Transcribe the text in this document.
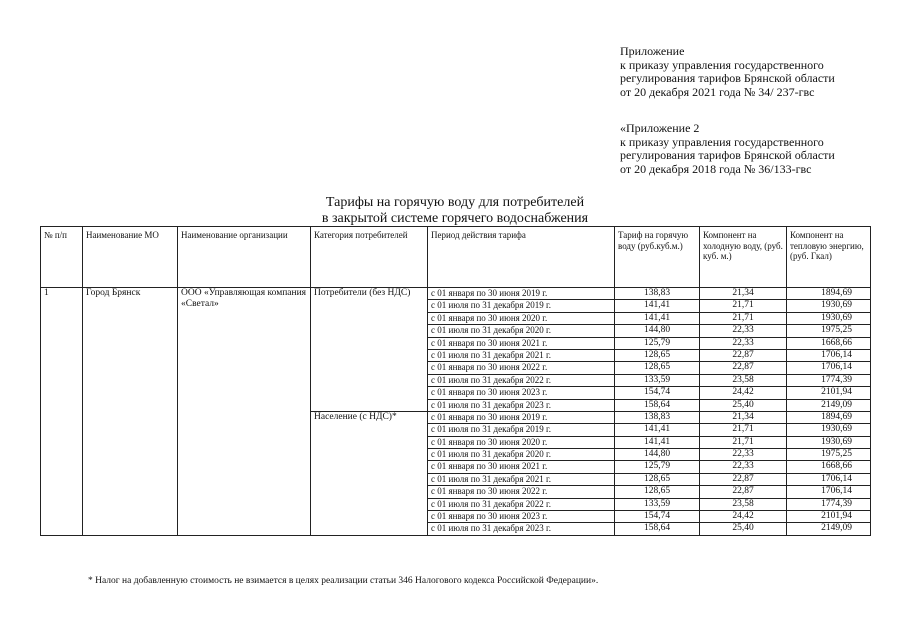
Приложение
к приказу управления государственного
регулирования тарифов Брянской области
от 20 декабря 2021 года № 34/ 237-гвс
«Приложение 2
к приказу управления государственного
регулирования тарифов Брянской области
от 20 декабря 2018 года № 36/133-гвс
Тарифы на горячую воду для потребителей
в закрытой системе горячего водоснабжения
№ п/п	Наименование МО	Наименование организации	Категория потребителей	Период действия тарифа	Тариф на горячую воду (руб.куб.м.)	Компонент на холодную воду, (руб. куб. м.)	Компонент на тепловую энергию, (руб. Гкал)
1	Город Брянск	ООО «Управляющая компания «Светал»	Потребители (без НДС)	с 01 января по 30 июня 2019 г.	138,83	21,34	1894,69
				с 01 июля по 31 декабря 2019 г.	141,41	21,71	1930,69
				с 01 января по 30 июня 2020 г.	141,41	21,71	1930,69
				с 01 июля по 31 декабря 2020 г.	144,80	22,33	1975,25
				с 01 января по 30 июня 2021 г.	125,79	22,33	1668,66
				с 01 июля по 31 декабря 2021 г.	128,65	22,87	1706,14
				с 01 января по 30 июня 2022 г.	128,65	22,87	1706,14
				с 01 июля по 31 декабря 2022 г.	133,59	23,58	1774,39
				с 01 января по 30 июня 2023 г.	154,74	24,42	2101,94
				с 01 июля по 31 декабря 2023 г.	158,64	25,40	2149,09
			Население (с НДС)*	с 01 января по 30 июня 2019 г.	138,83	21,34	1894,69
				с 01 июля по 31 декабря 2019 г.	141,41	21,71	1930,69
				с 01 января по 30 июня 2020 г.	141,41	21,71	1930,69
				с 01 июля по 31 декабря 2020 г.	144,80	22,33	1975,25
				с 01 января по 30 июня 2021 г.	125,79	22,33	1668,66
				с 01 июля по 31 декабря 2021 г.	128,65	22,87	1706,14
				с 01 января по 30 июня 2022 г.	128,65	22,87	1706,14
				с 01 июля по 31 декабря 2022 г.	133,59	23,58	1774,39
				с 01 января по 30 июня 2023 г.	154,74	24,42	2101,94
				с 01 июля по 31 декабря 2023 г.	158,64	25,40	2149,09
* Налог на добавленную стоимость не взимается в целях реализации статьи 346 Налогового кодекса Российской Федерации».
